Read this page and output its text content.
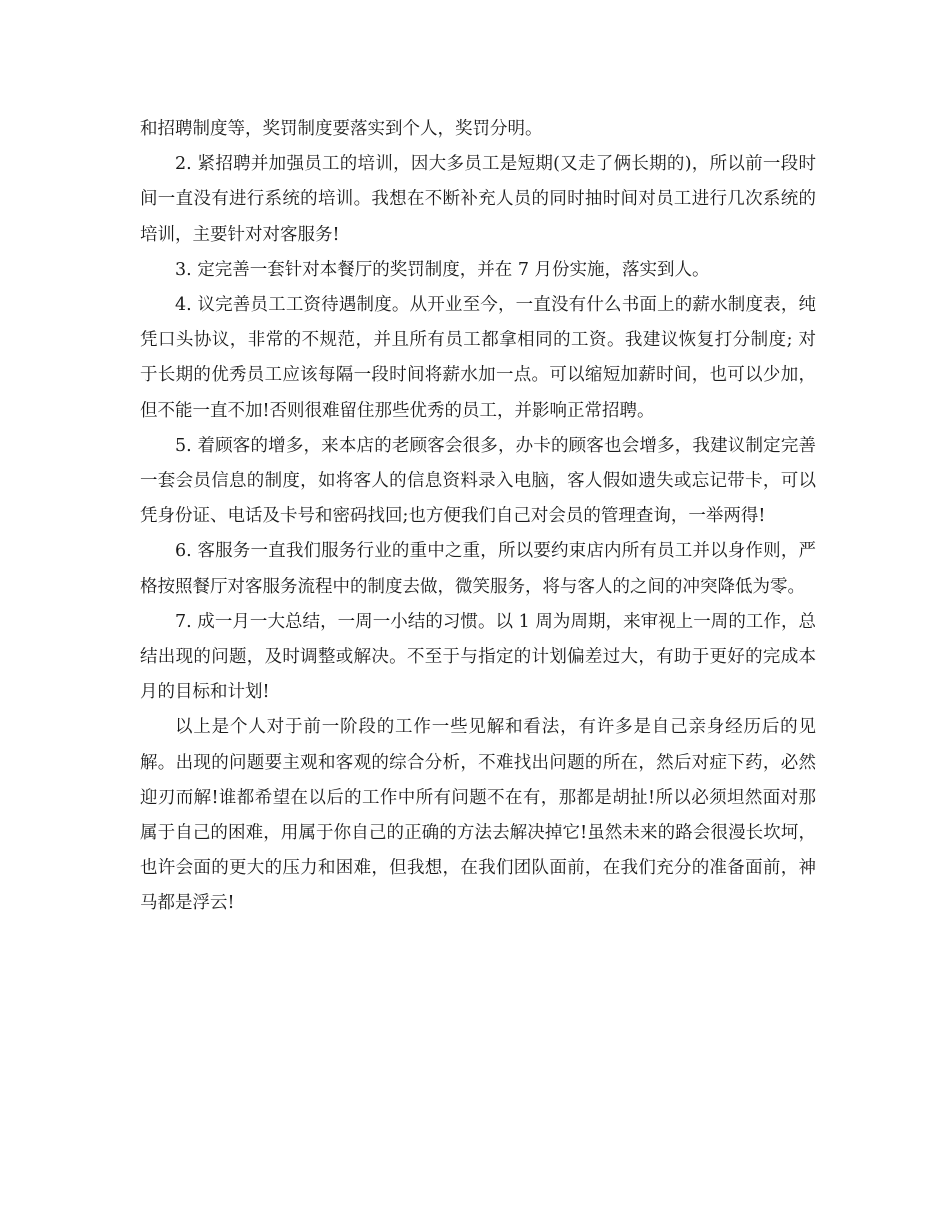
和招聘制度等，奖罚制度要落实到个人，奖罚分明。

2. 紧招聘并加强员工的培训，因大多员工是短期(又走了俩长期的)，所以前一段时间一直没有进行系统的培训。我想在不断补充人员的同时抽时间对员工进行几次系统的培训，主要针对对客服务!

3. 定完善一套针对本餐厅的奖罚制度，并在 7 月份实施，落实到人。

4. 议完善员工工资待遇制度。从开业至今，一直没有什么书面上的薪水制度表，纯凭口头协议，非常的不规范，并且所有员工都拿相同的工资。我建议恢复打分制度; 对于长期的优秀员工应该每隔一段时间将薪水加一点。可以缩短加薪时间，也可以少加，但不能一直不加!否则很难留住那些优秀的员工，并影响正常招聘。

5. 着顾客的增多，来本店的老顾客会很多，办卡的顾客也会增多，我建议制定完善一套会员信息的制度，如将客人的信息资料录入电脑，客人假如遗失或忘记带卡，可以凭身份证、电话及卡号和密码找回;也方便我们自己对会员的管理查询，一举两得!

6. 客服务一直我们服务行业的重中之重，所以要约束店内所有员工并以身作则，严格按照餐厅对客服务流程中的制度去做，微笑服务，将与客人的之间的冲突降低为零。

7. 成一月一大总结，一周一小结的习惯。以 1 周为周期，来审视上一周的工作，总结出现的问题，及时调整或解决。不至于与指定的计划偏差过大，有助于更好的完成本月的目标和计划!

以上是个人对于前一阶段的工作一些见解和看法，有许多是自己亲身经历后的见解。出现的问题要主观和客观的综合分析，不难找出问题的所在，然后对症下药，必然迎刃而解!谁都希望在以后的工作中所有问题不在有，那都是胡扯!所以必须坦然面对那属于自己的困难，用属于你自己的正确的方法去解决掉它!虽然未来的路会很漫长坎坷，也许会面的更大的压力和困难，但我想，在我们团队面前，在我们充分的准备面前，神马都是浮云!
